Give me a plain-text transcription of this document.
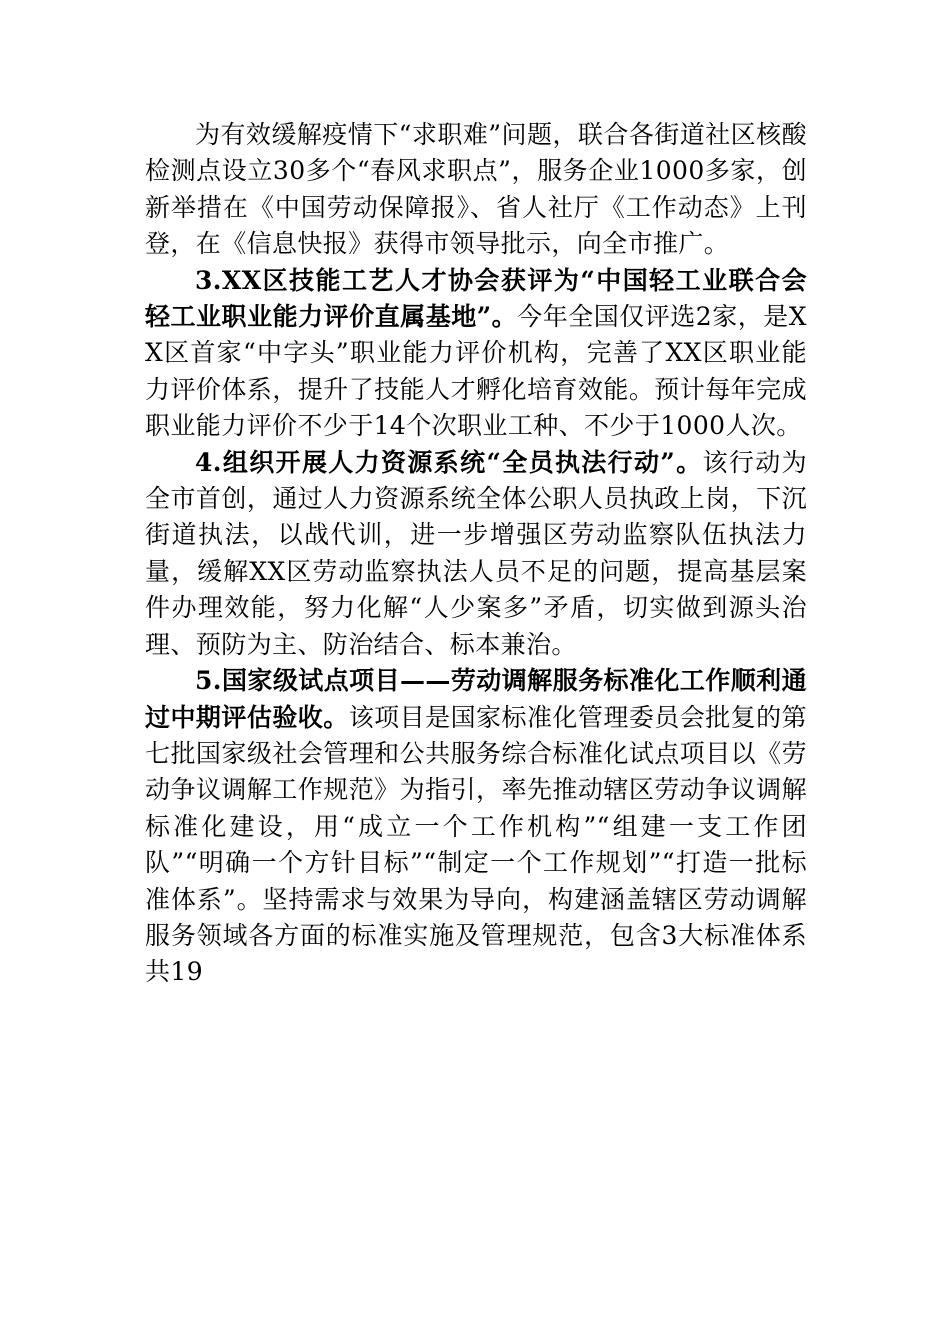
为有效缓解疫情下“求职难”问题，联合各街道社区核酸检测点设立30多个“春风求职点”，服务企业1000多家，创新举措在《中国劳动保障报》、省人社厅《工作动态》上刊登，在《信息快报》获得市领导批示，向全市推广。

3.XX区技能工艺人才协会获评为“中国轻工业联合会轻工业职业能力评价直属基地”。今年全国仅评选2家，是XX区首家“中字头”职业能力评价机构，完善了XX区职业能力评价体系，提升了技能人才孵化培育效能。预计每年完成职业能力评价不少于14个次职业工种、不少于1000人次。

4.组织开展人力资源系统“全员执法行动”。该行动为全市首创，通过人力资源系统全体公职人员执政上岗，下沉街道执法，以战代训，进一步增强区劳动监察队伍执法力量，缓解XX区劳动监察执法人员不足的问题，提高基层案件办理效能，努力化解“人少案多”矛盾，切实做到源头治理、预防为主、防治结合、标本兼治。

5.国家级试点项目——劳动调解服务标准化工作顺利通过中期评估验收。该项目是国家标准化管理委员会批复的第七批国家级社会管理和公共服务综合标准化试点项目以《劳动争议调解工作规范》为指引，率先推动辖区劳动争议调解标准化建设，用“成立一个工作机构”“组建一支工作团队”“明确一个方针目标”“制定一个工作规划”“打造一批标准体系”。坚持需求与效果为导向，构建涵盖辖区劳动调解服务领域各方面的标准实施及管理规范，包含3大标准体系共19
